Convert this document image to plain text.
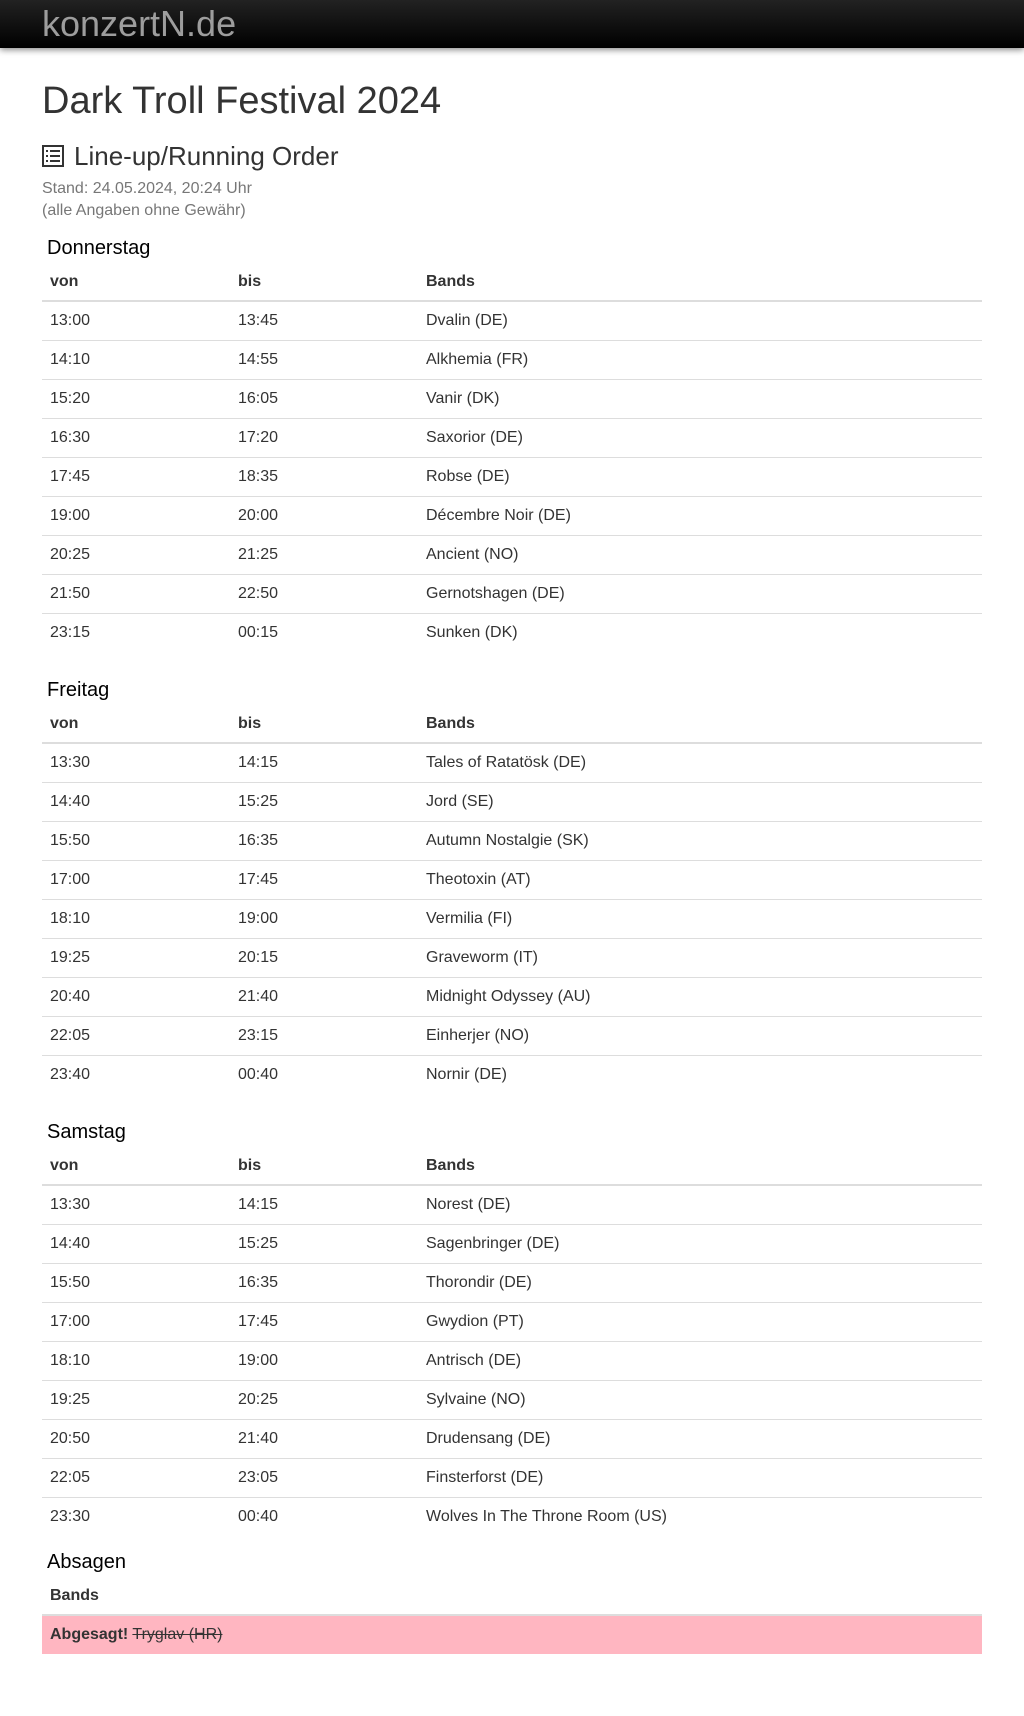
konzertN.de
Dark Troll Festival 2024
Line-up/Running Order
Stand: 24.05.2024, 20:24 Uhr
(alle Angaben ohne Gewähr)
Donnerstag
von	bis	Bands
13:00	13:45	Dvalin (DE)
14:10	14:55	Alkhemia (FR)
15:20	16:05	Vanir (DK)
16:30	17:20	Saxorior (DE)
17:45	18:35	Robse (DE)
19:00	20:00	Décembre Noir (DE)
20:25	21:25	Ancient (NO)
21:50	22:50	Gernotshagen (DE)
23:15	00:15	Sunken (DK)
Freitag
von	bis	Bands
13:30	14:15	Tales of Ratatösk (DE)
14:40	15:25	Jord (SE)
15:50	16:35	Autumn Nostalgie (SK)
17:00	17:45	Theotoxin (AT)
18:10	19:00	Vermilia (FI)
19:25	20:15	Graveworm (IT)
20:40	21:40	Midnight Odyssey (AU)
22:05	23:15	Einherjer (NO)
23:40	00:40	Nornir (DE)
Samstag
von	bis	Bands
13:30	14:15	Norest (DE)
14:40	15:25	Sagenbringer (DE)
15:50	16:35	Thorondir (DE)
17:00	17:45	Gwydion (PT)
18:10	19:00	Antrisch (DE)
19:25	20:25	Sylvaine (NO)
20:50	21:40	Drudensang (DE)
22:05	23:05	Finsterforst (DE)
23:30	00:40	Wolves In The Throne Room (US)
Absagen
Bands
Abgesagt! Tryglav (HR)
